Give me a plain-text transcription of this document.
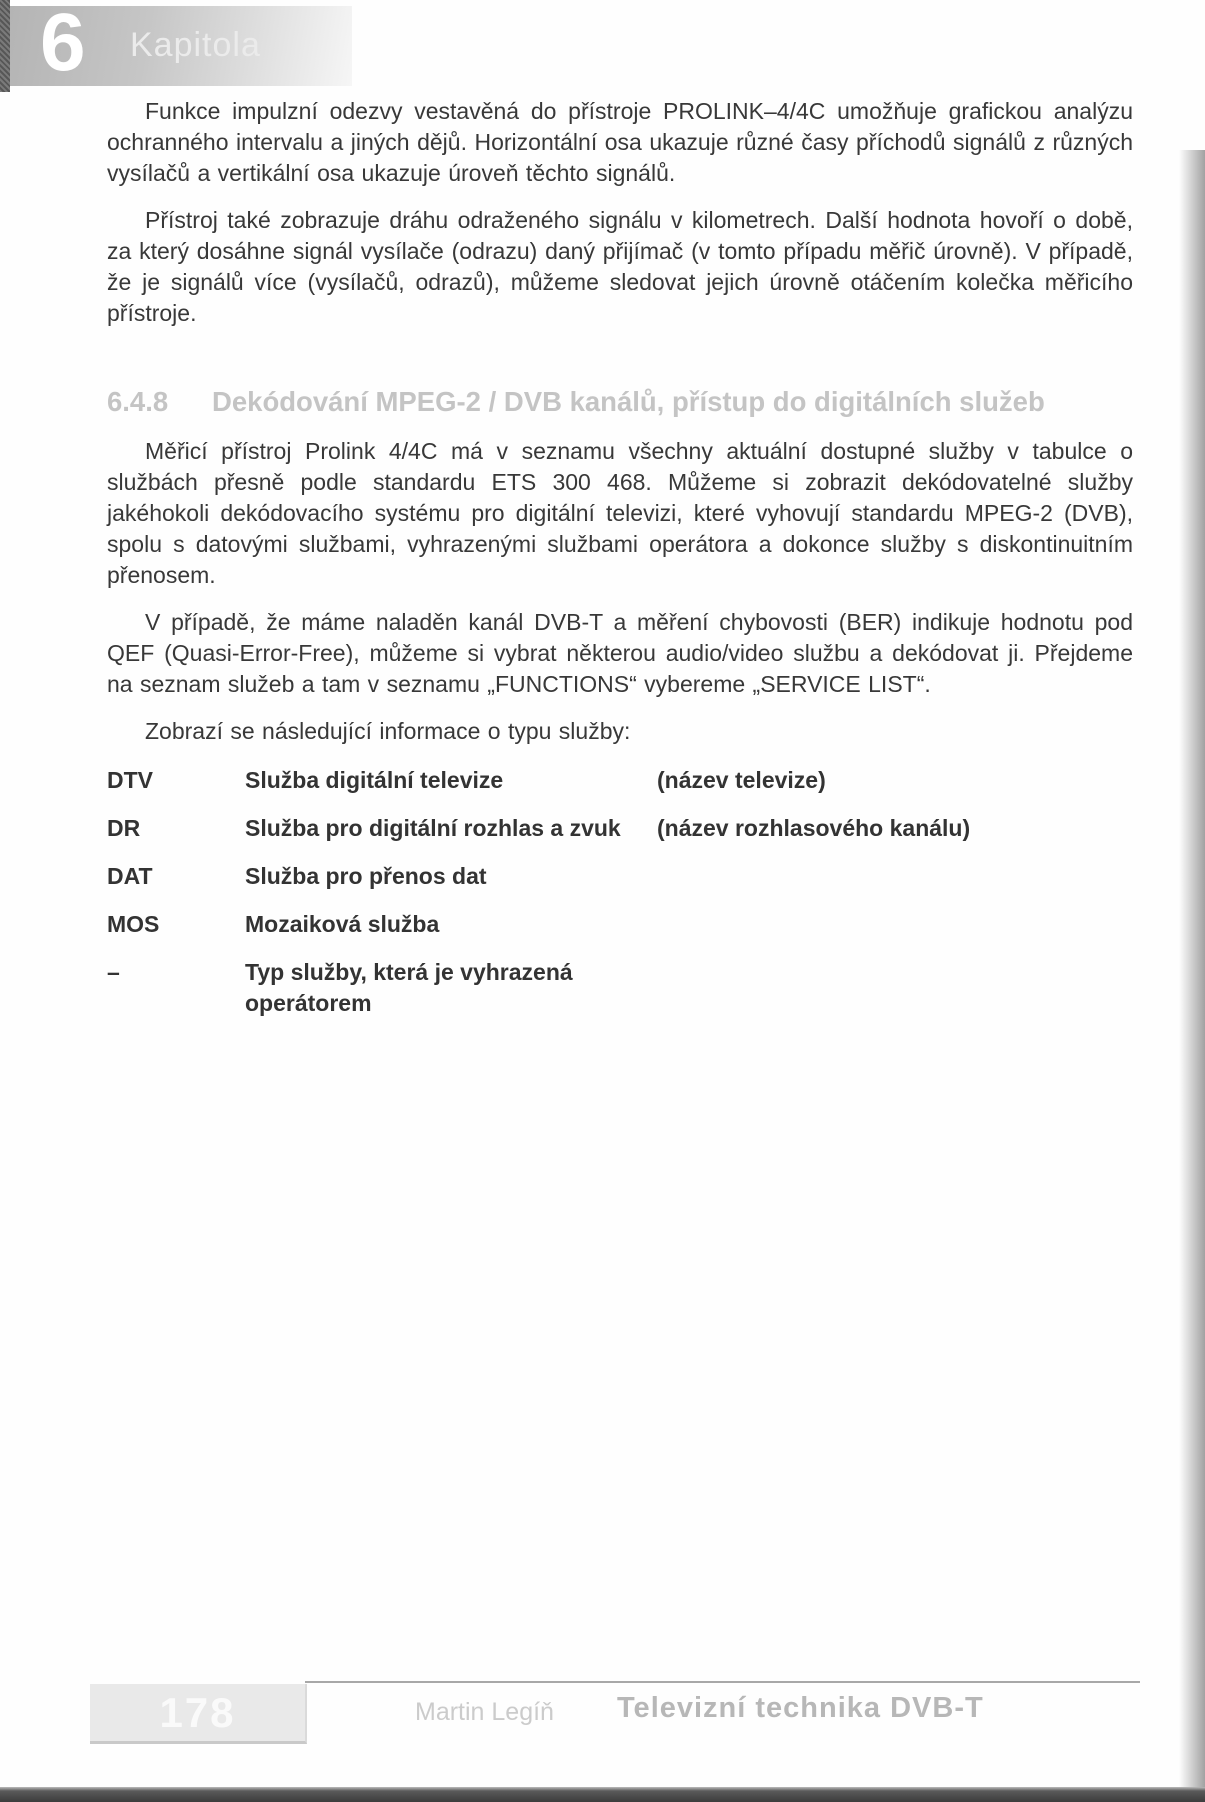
6 Kapitola

Funkce impulzní odezvy vestavěná do přístroje PROLINK–4/4C umožňuje grafickou analýzu ochranného intervalu a jiných dějů. Horizontální osa ukazuje různé časy příchodů signálů z různých vysílačů a vertikální osa ukazuje úroveň těchto signálů.

Přístroj také zobrazuje dráhu odraženého signálu v kilometrech. Další hodnota hovoří o době, za který dosáhne signál vysílače (odrazu) daný přijímač (v tomto případu měřič úrovně). V případě, že je signálů více (vysílačů, odrazů), můžeme sledovat jejich úrovně otáčením kolečka měřicího přístroje.

6.4.8	Dekódování MPEG-2 / DVB kanálů, přístup do digitálních služeb

Měřicí přístroj Prolink 4/4C má v seznamu všechny aktuální dostupné služby v tabulce o službách přesně podle standardu ETS 300 468. Můžeme si zobrazit dekódovatelné služby jakéhokoli dekódovacího systému pro digitální televizi, které vyhovují standardu MPEG-2 (DVB), spolu s datovými službami, vyhrazenými službami operátora a dokonce služby s diskontinuitním přenosem.

V případě, že máme naladěn kanál DVB-T a měření chybovosti (BER) indikuje hodnotu pod QEF (Quasi-Error-Free), můžeme si vybrat některou audio/video službu a dekódovat ji. Přejdeme na seznam služeb a tam v seznamu „FUNCTIONS“ vybereme „SERVICE LIST“.

Zobrazí se následující informace o typu služby:

DTV	Služba digitální televize	(název televize)
DR	Služba pro digitální rozhlas a zvuk	(název rozhlasového kanálu)
DAT	Služba pro přenos dat
MOS	Mozaiková služba
–	Typ služby, která je vyhrazená operátorem
178	Martin Legíň Televizní technika DVB-T
